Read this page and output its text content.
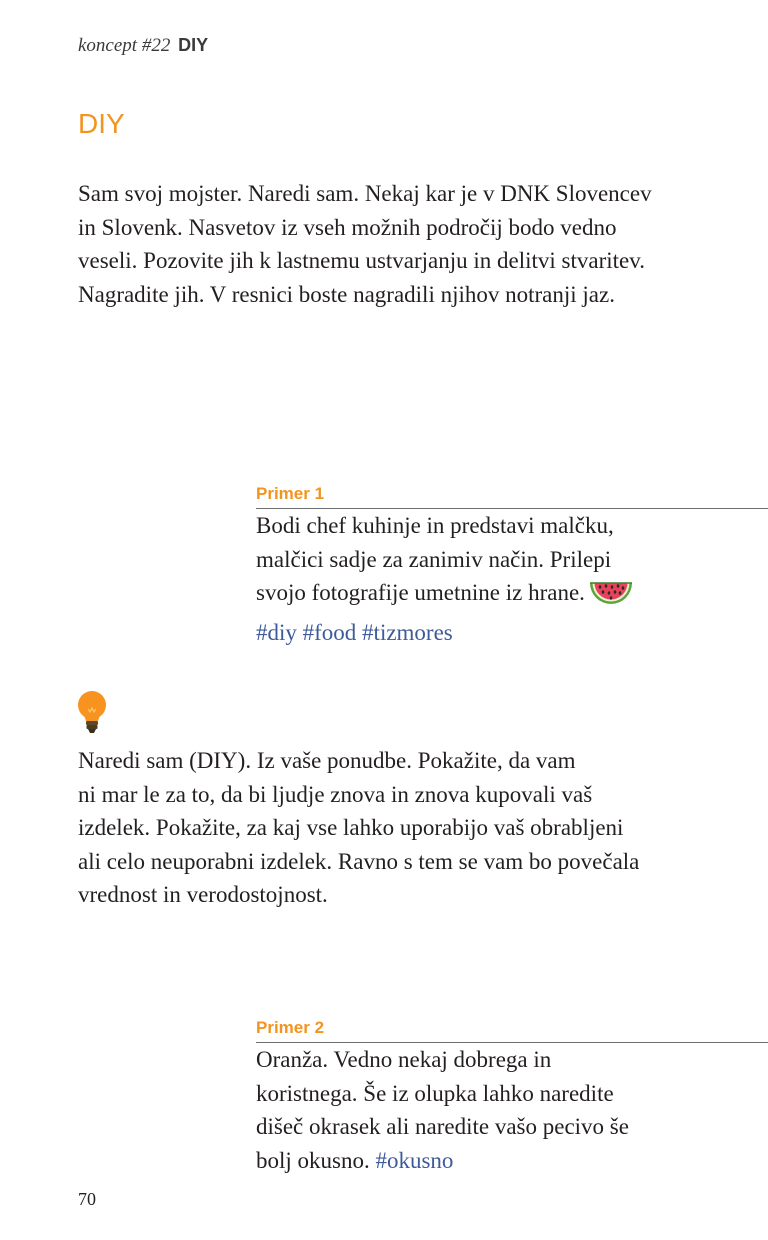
koncept #22 DIY
DIY

Sam svoj mojster. Naredi sam. Nekaj kar je v DNK Slovencev
in Slovenk. Nasvetov iz vseh možnih področij bodo vedno
veseli. Pozovite jih k lastnemu ustvarjanju in delitvi stvaritev.
Nagradite jih. V resnici boste nagradili njihov notranji jaz.

Primer 1
Bodi chef kuhinje in predstavi malčku,
malčici sadje za zanimiv način. Prilepi
svojo fotografije umetnine iz hrane.
#diy #food #tizmores

Naredi sam (DIY). Iz vaše ponudbe. Pokažite, da vam
ni mar le za to, da bi ljudje znova in znova kupovali vaš
izdelek. Pokažite, za kaj vse lahko uporabijo vaš obrabljeni
ali celo neuporabni izdelek. Ravno s tem se vam bo povečala
vrednost in verodostojnost.

Primer 2
Oranža. Vedno nekaj dobrega in
koristnega. Še iz olupka lahko naredite
dišeč okrasek ali naredite vašo pecivo še
bolj okusno. #okusno
70
